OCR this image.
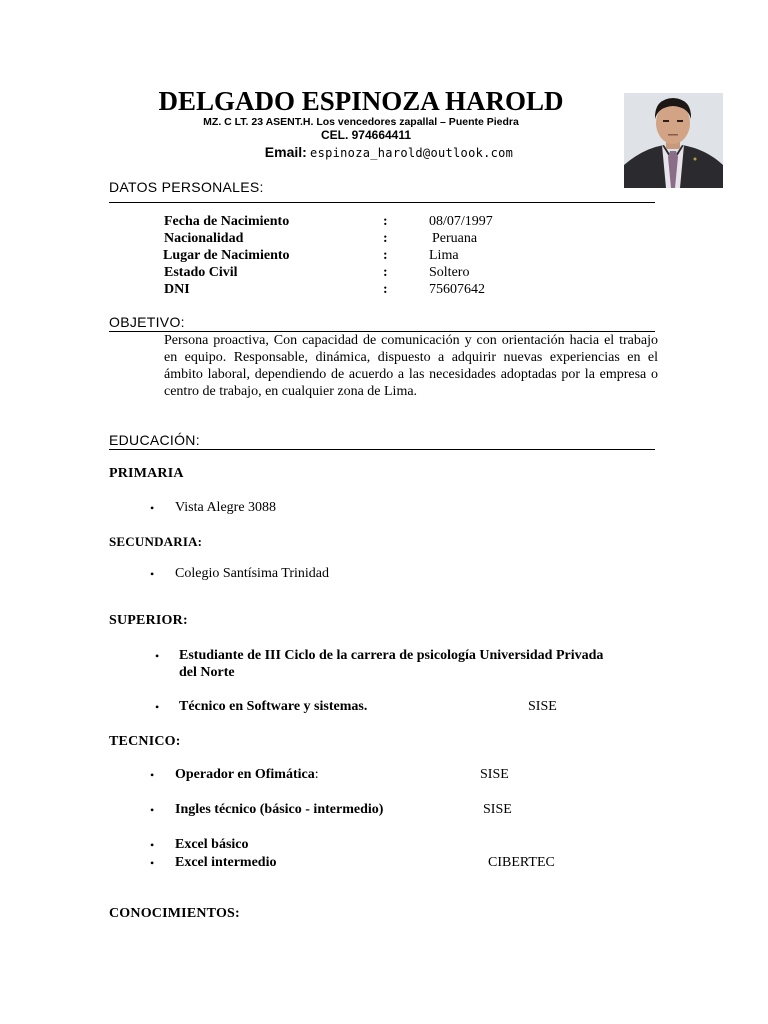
DELGADO ESPINOZA HAROLD
MZ. C LT. 23 ASENT.H. Los vencedores zapallal – Puente Piedra
CEL. 974664411
Email: espinoza_harold@outlook.com
DATOS PERSONALES:
Fecha de Nacimiento	:	08/07/1997
Nacionalidad	:	Peruana
Lugar de Nacimiento	:	Lima
Estado Civil	:	Soltero
DNI	:	75607642
OBJETIVO:
Persona proactiva, Con capacidad de comunicación y con orientación hacia el trabajo en equipo. Responsable, dinámica, dispuesto a adquirir nuevas experiencias en el ámbito laboral, dependiendo de acuerdo a las necesidades adoptadas por la empresa o centro de trabajo, en cualquier zona de Lima.
EDUCACIÓN:
PRIMARIA
• Vista Alegre 3088
SECUNDARIA:
• Colegio Santísima Trinidad
SUPERIOR:
• Estudiante de III Ciclo de la carrera de psicología Universidad Privada
del Norte
• Técnico en Software y sistemas.	SISE
TECNICO:
• Operador en Ofimática:	SISE
• Ingles técnico (básico - intermedio)	SISE
• Excel básico
• Excel intermedio	CIBERTEC
CONOCIMIENTOS:
